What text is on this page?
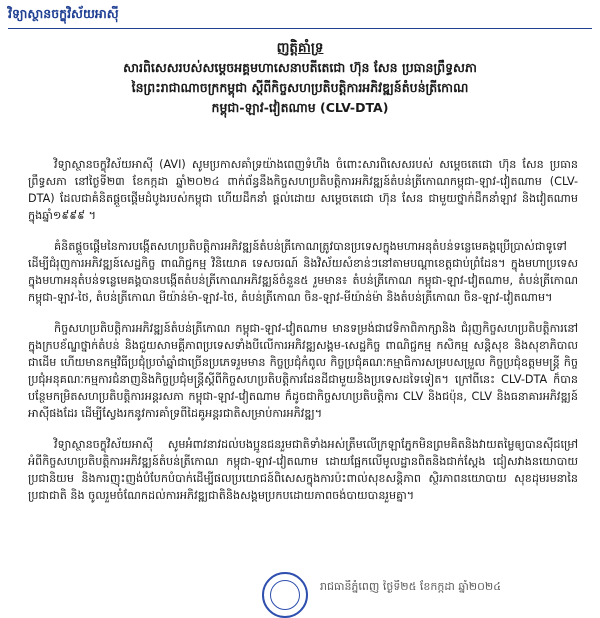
វិទ្យាស្ថានចក្ខុវិស័យអាស៊ី
ញត្តិគាំទ្រ
សារពិសេសរបស់សម្តេចអគ្គមហាសេនាបតីតេជោ ហ៊ុន សែន ប្រធានព្រឹទ្ធសភា
នៃព្រះរាជាណាចក្រកម្ពុជា ស្តីពីកិច្ចសហប្រតិបត្តិការអភិវឌ្ឍន៍តំបន់ត្រីកោណ
កម្ពុជា-ឡាវ-វៀតណាម (CLV-DTA)

វិទ្យាស្ថានចក្ខុវិស័យអាស៊ី (AVI) សូមប្រកាសគាំទ្រយ៉ាងពេញទំហឹង ចំពោះសារពិសេសរបស់ សម្តេចតេជោ ហ៊ុន សែន ប្រធានព្រឹទ្ធសភា នៅថ្ងៃទី២៣ ខែកក្កដា ឆ្នាំ២០២៤ ពាក់ព័ន្ធនឹងកិច្ចសហប្រតិបត្តិការអភិវឌ្ឍន៍តំបន់ត្រីកោណកម្ពុជា-ឡាវ-វៀតណាម (CLV-DTA) ដែលជាគំនិតផ្តួចផ្តើមដំបូងរបស់កម្ពុជា ហើយដឹកនាំ ផ្តល់ដោយ សម្តេចតេជោ ហ៊ុន សែន ជាមួយថ្នាក់ដឹកនាំឡាវ និងវៀតណាម ក្នុងឆ្នាំ១៩៩៩ ។

គំនិតផ្តួចផ្តើមនៃការបង្កើតសហប្រតិបត្តិការអភិវឌ្ឍន៍តំបន់ត្រីកោណត្រូវបានប្រទេសក្នុងមហាអនុតំបន់ទន្លេមេគង្គប្រើប្រាស់ជាទូទៅ ដើម្បីជំរុញការអភិវឌ្ឍន៍សេដ្ឋកិច្ច ពាណិជ្ជកម្ម វិនិយោគ ទេសចរណ៍ និងវិស័យសំខាន់ៗនៅតាមបណ្តាខេត្តជាប់ព្រំដែន។ ក្នុងមហាប្រទេសក្នុងមហាអនុតំបន់ទន្លេមេគង្គបានបង្កើតតំបន់ត្រីកោណអភិវឌ្ឍន៍ចំនួន៥ រួមមាន៖ តំបន់ត្រីកោណ កម្ពុជា-ឡាវ-វៀតណាម, តំបន់ត្រីកោណ កម្ពុជា-ឡាវ-ថៃ, តំបន់ត្រីកោណ មីយ៉ាន់ម៉ា-ឡាវ-ថៃ, តំបន់ត្រីកោណ ចិន-ឡាវ-មីយ៉ាន់ម៉ា និងតំបន់ត្រីកោណ ចិន-ឡាវ-វៀតណាម។

កិច្ចសហប្រតិបត្តិការអភិវឌ្ឍន៍តំបន់ត្រីកោណ កម្ពុជា-ឡាវ-វៀតណាម មានទម្រង់ជាវេទិកាពិភាក្សានិង ជំរុញកិច្ចសហប្រតិបត្តិការនៅក្នុងក្របខ័ណ្ឌថ្នាក់តំបន់ និងជួយសាមគ្គីភាពប្រទេសទាំងបីលើការអភិវឌ្ឍសង្គម-សេដ្ឋកិច្ច ពាណិជ្ជកម្ម កសិកម្ម សន្តិសុខ និងសុខាភិបាលជាដើម ហើយមានកម្មវិធីប្រជុំប្រចាំឆ្នាំជាច្រើនប្រភេទរួមមាន កិច្ចប្រជុំកំពូល កិច្ចប្រជុំគណៈកម្មាធិការសម្របសម្រួល កិច្ចប្រជុំឧត្តមមន្ត្រី កិច្ចប្រជុំអនុគណៈកម្មការជំនាញនិងកិច្ចប្រជុំមន្ត្រីស្តីពីកិច្ចសហប្រតិបត្តិការដែនដីជាមួយនិងប្រទេសដទៃទៀត។ ក្រៅពីនេះ CLV-DTA ក៏បានបន្ថែមកម្រិតសហប្រតិបត្តិការអន្តរសភា កម្ពុជា-ឡាវ-វៀតណាម ក៏ដូចជាកិច្ចសហប្រតិបត្តិការ CLV និងជប៉ុន, CLV និងធនាគារអភិវឌ្ឍន៍អាស៊ីផងដែរ ដើម្បីស្វែងរកនូវការគាំទ្រពីដៃគូអន្តរជាតិសម្រាប់ការអភិវឌ្ឍ។

វិទ្យាស្ថានចក្ខុវិស័យអាស៊ី សូមអំពាវនាវដល់បងប្អូនជនរួមជាតិទាំងអស់ត្រឹមលើក្រឡាភ្នែកមិនព្រមគិតនិងវាយតម្លៃឲ្យបានស៊ីជម្រៅអំពីកិច្ចសហប្រតិបត្តិការអភិវឌ្ឍន៍តំបន់ត្រីកោណ កម្ពុជា-ឡាវ-វៀតណាម ដោយផ្អែកលើមូលដ្ឋានពិតនិងជាក់ស្តែង ជៀសវាងនយោបាយប្រជានិយម និងការញុះញង់បំបែកបំបាក់ដើម្បីផលប្រយោជន៍ពិសេសក្នុងការប៉ះពាល់សុខសន្តិភាព ស្ថិរភាពនយោបាយ សុខដុមរមនានៃប្រជាជាតិ និង ចូលរួមចំណែកដល់ការអភិវឌ្ឍជាតិនិងសង្គមប្រកបដោយភាពចង់បាយបានរួមគ្នា។

រាជធានីភ្នំពេញ ថ្ងៃទី២៥ ខែកក្កដា ឆ្នាំ២០២៤
